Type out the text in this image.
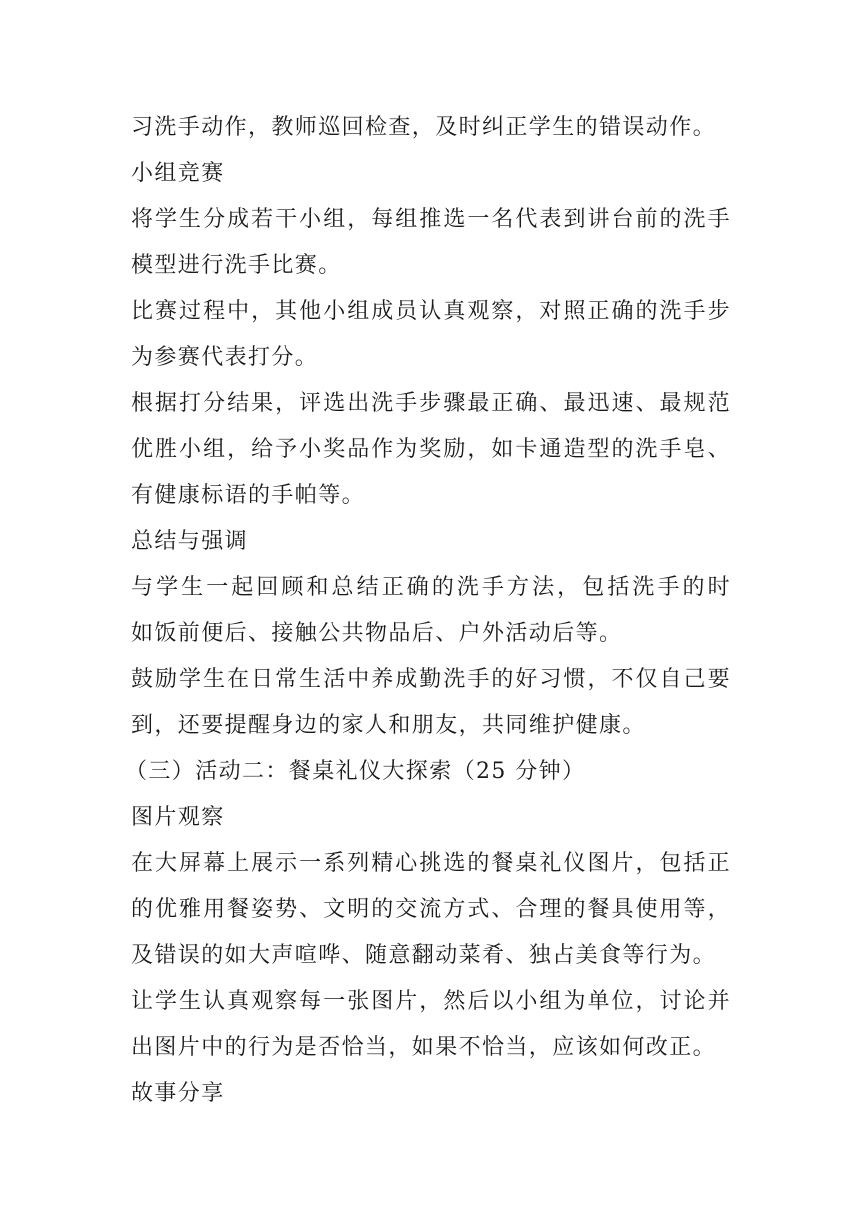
习洗手动作，教师巡回检查，及时纠正学生的错误动作。
小组竞赛
将学生分成若干小组，每组推选一名代表到讲台前的洗手
模型进行洗手比赛。
比赛过程中，其他小组成员认真观察，对照正确的洗手步
为参赛代表打分。
根据打分结果，评选出洗手步骤最正确、最迅速、最规范
优胜小组，给予小奖品作为奖励，如卡通造型的洗手皂、
有健康标语的手帕等。
总结与强调
与学生一起回顾和总结正确的洗手方法，包括洗手的时
如饭前便后、接触公共物品后、户外活动后等。
鼓励学生在日常生活中养成勤洗手的好习惯，不仅自己要
到，还要提醒身边的家人和朋友，共同维护健康。
（三）活动二：餐桌礼仪大探索（25 分钟）
图片观察
在大屏幕上展示一系列精心挑选的餐桌礼仪图片，包括正
的优雅用餐姿势、文明的交流方式、合理的餐具使用等，
及错误的如大声喧哗、随意翻动菜肴、独占美食等行为。
让学生认真观察每一张图片，然后以小组为单位，讨论并
出图片中的行为是否恰当，如果不恰当，应该如何改正。
故事分享
